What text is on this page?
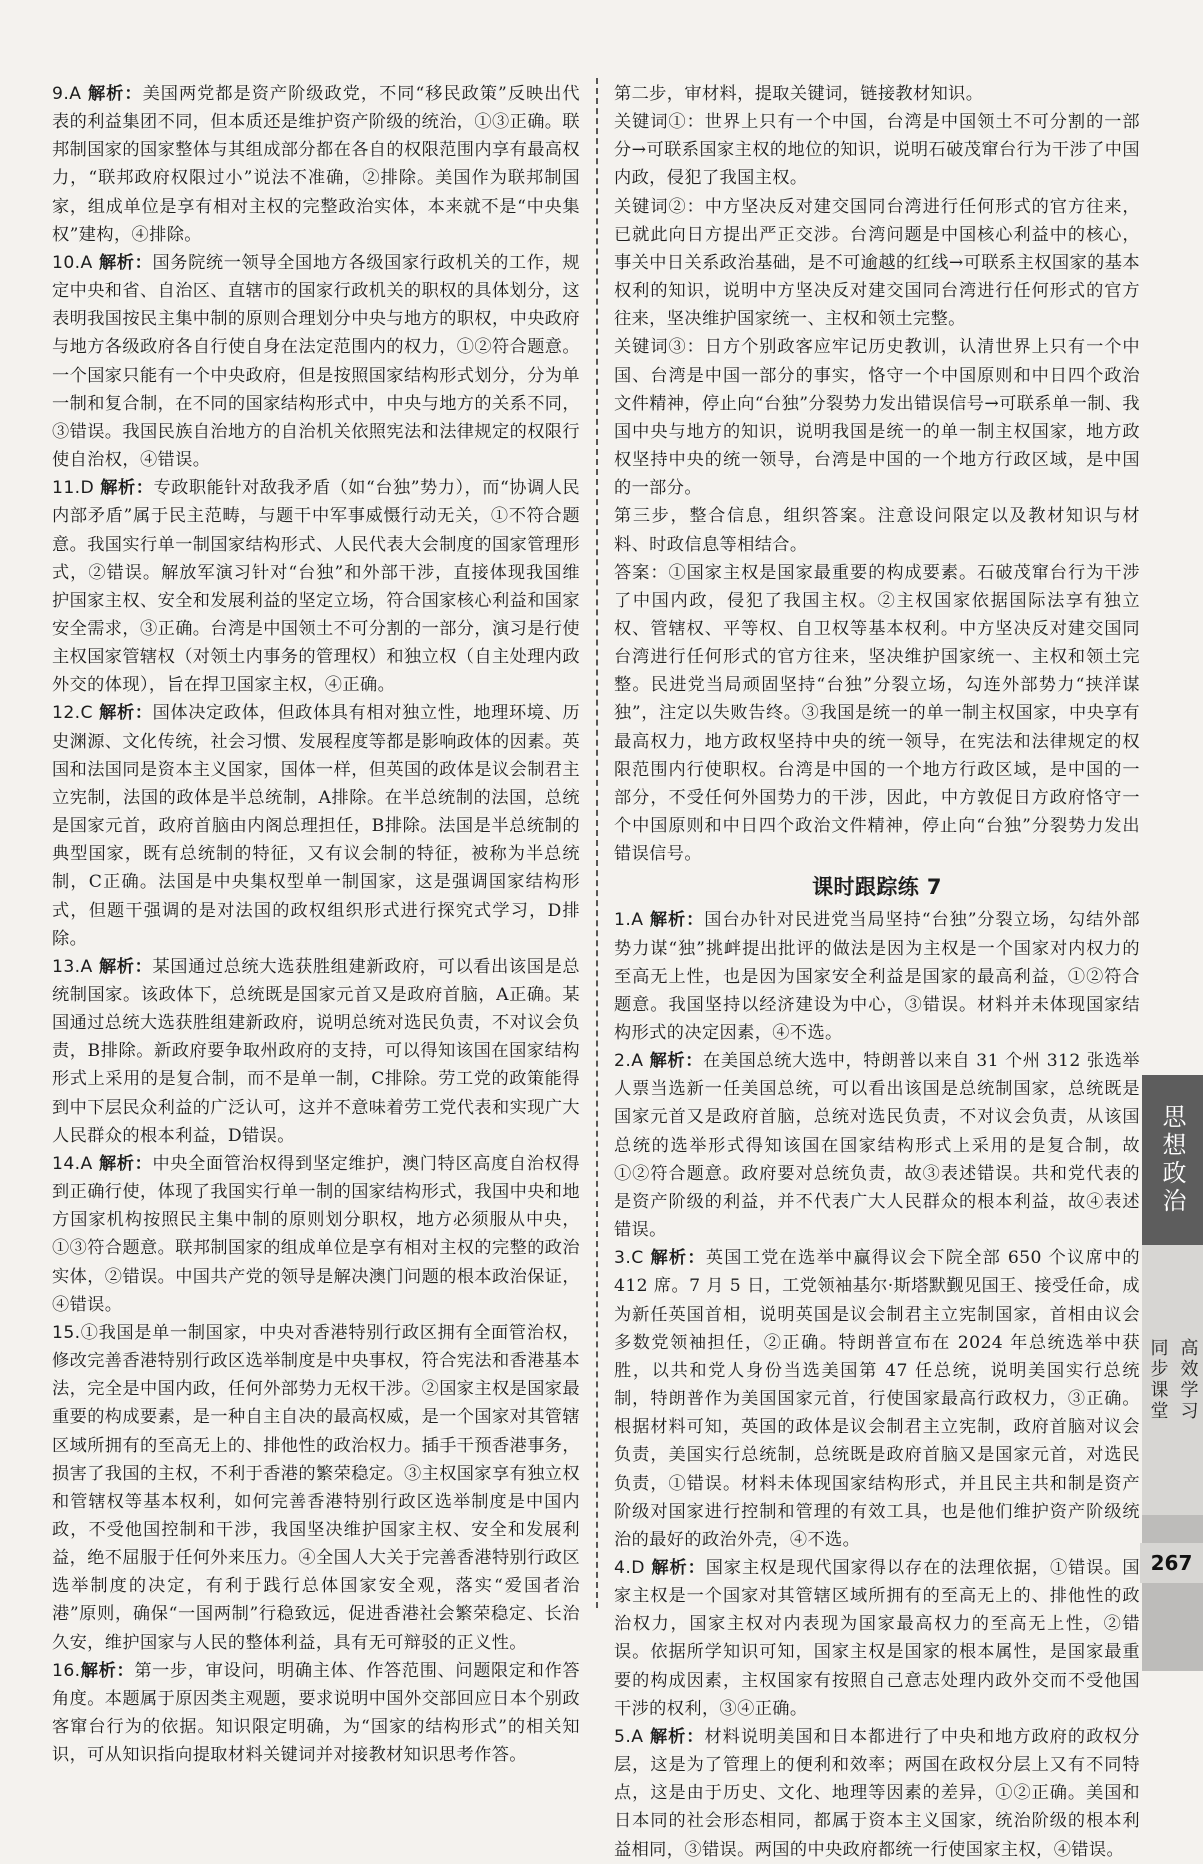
9.A 解析：美国两党都是资产阶级政党，不同“移民政策”反映出代表的利益集团不同，但本质还是维护资产阶级的统治，①③正确。联邦制国家的国家整体与其组成部分都在各自的权限范围内享有最高权力，“联邦政府权限过小”说法不准确，②排除。美国作为联邦制国家，组成单位是享有相对主权的完整政治实体，本来就不是“中央集权”建构，④排除。

10.A 解析：国务院统一领导全国地方各级国家行政机关的工作，规定中央和省、自治区、直辖市的国家行政机关的职权的具体划分，这表明我国按民主集中制的原则合理划分中央与地方的职权，中央政府与地方各级政府各自行使自身在法定范围内的权力，①②符合题意。一个国家只能有一个中央政府，但是按照国家结构形式划分，分为单一制和复合制，在不同的国家结构形式中，中央与地方的关系不同，③错误。我国民族自治地方的自治机关依照宪法和法律规定的权限行使自治权，④错误。

11.D 解析：专政职能针对敌我矛盾（如“台独”势力），而“协调人民内部矛盾”属于民主范畴，与题干中军事威慑行动无关，①不符合题意。我国实行单一制国家结构形式、人民代表大会制度的国家管理形式，②错误。解放军演习针对“台独”和外部干涉，直接体现我国维护国家主权、安全和发展利益的坚定立场，符合国家核心利益和国家安全需求，③正确。台湾是中国领土不可分割的一部分，演习是行使主权国家管辖权（对领土内事务的管理权）和独立权（自主处理内政外交的体现），旨在捍卫国家主权，④正确。

12.C 解析：国体决定政体，但政体具有相对独立性，地理环境、历史渊源、文化传统，社会习惯、发展程度等都是影响政体的因素。英国和法国同是资本主义国家，国体一样，但英国的政体是议会制君主立宪制，法国的政体是半总统制，A排除。在半总统制的法国，总统是国家元首，政府首脑由内阁总理担任，B排除。法国是半总统制的典型国家，既有总统制的特征，又有议会制的特征，被称为半总统制，C正确。法国是中央集权型单一制国家，这是强调国家结构形式，但题干强调的是对法国的政权组织形式进行探究式学习，D排除。

13.A 解析：某国通过总统大选获胜组建新政府，可以看出该国是总统制国家。该政体下，总统既是国家元首又是政府首脑，A正确。某国通过总统大选获胜组建新政府，说明总统对选民负责，不对议会负责，B排除。新政府要争取州政府的支持，可以得知该国在国家结构形式上采用的是复合制，而不是单一制，C排除。劳工党的政策能得到中下层民众利益的广泛认可，这并不意味着劳工党代表和实现广大人民群众的根本利益，D错误。

14.A 解析：中央全面管治权得到坚定维护，澳门特区高度自治权得到正确行使，体现了我国实行单一制的国家结构形式，我国中央和地方国家机构按照民主集中制的原则划分职权，地方必须服从中央，①③符合题意。联邦制国家的组成单位是享有相对主权的完整的政治实体，②错误。中国共产党的领导是解决澳门问题的根本政治保证，④错误。

15.①我国是单一制国家，中央对香港特别行政区拥有全面管治权，修改完善香港特别行政区选举制度是中央事权，符合宪法和香港基本法，完全是中国内政，任何外部势力无权干涉。②国家主权是国家最重要的构成要素，是一种自主自决的最高权威，是一个国家对其管辖区域所拥有的至高无上的、排他性的政治权力。插手干预香港事务，损害了我国的主权，不利于香港的繁荣稳定。③主权国家享有独立权和管辖权等基本权利，如何完善香港特别行政区选举制度是中国内政，不受他国控制和干涉，我国坚决维护国家主权、安全和发展利益，绝不屈服于任何外来压力。④全国人大关于完善香港特别行政区选举制度的决定，有利于践行总体国家安全观，落实“爱国者治港”原则，确保“一国两制”行稳致远，促进香港社会繁荣稳定、长治久安，维护国家与人民的整体利益，具有无可辩驳的正义性。

16.解析：第一步，审设问，明确主体、作答范围、问题限定和作答角度。本题属于原因类主观题，要求说明中国外交部回应日本个别政客窜台行为的依据。知识限定明确，为“国家的结构形式”的相关知识，可从知识指向提取材料关键词并对接教材知识思考作答。

第二步，审材料，提取关键词，链接教材知识。

关键词①：世界上只有一个中国，台湾是中国领土不可分割的一部分→可联系国家主权的地位的知识，说明石破茂窜台行为干涉了中国内政，侵犯了我国主权。

关键词②：中方坚决反对建交国同台湾进行任何形式的官方往来，已就此向日方提出严正交涉。台湾问题是中国核心利益中的核心，事关中日关系政治基础，是不可逾越的红线→可联系主权国家的基本权利的知识，说明中方坚决反对建交国同台湾进行任何形式的官方往来，坚决维护国家统一、主权和领土完整。

关键词③：日方个别政客应牢记历史教训，认清世界上只有一个中国、台湾是中国一部分的事实，恪守一个中国原则和中日四个政治文件精神，停止向“台独”分裂势力发出错误信号→可联系单一制、我国中央与地方的知识，说明我国是统一的单一制主权国家，地方政权坚持中央的统一领导，台湾是中国的一个地方行政区域，是中国的一部分。

第三步，整合信息，组织答案。注意设问限定以及教材知识与材料、时政信息等相结合。

答案：①国家主权是国家最重要的构成要素。石破茂窜台行为干涉了中国内政，侵犯了我国主权。②主权国家依据国际法享有独立权、管辖权、平等权、自卫权等基本权利。中方坚决反对建交国同台湾进行任何形式的官方往来，坚决维护国家统一、主权和领土完整。民进党当局顽固坚持“台独”分裂立场，勾连外部势力“挟洋谋独”，注定以失败告终。③我国是统一的单一制主权国家，中央享有最高权力，地方政权坚持中央的统一领导，在宪法和法律规定的权限范围内行使职权。台湾是中国的一个地方行政区域，是中国的一部分，不受任何外国势力的干涉，因此，中方敦促日方政府恪守一个中国原则和中日四个政治文件精神，停止向“台独”分裂势力发出错误信号。

课时跟踪练 7

1.A 解析：国台办针对民进党当局坚持“台独”分裂立场，勾结外部势力谋“独”挑衅提出批评的做法是因为主权是一个国家对内权力的至高无上性，也是因为国家安全利益是国家的最高利益，①②符合题意。我国坚持以经济建设为中心，③错误。材料并未体现国家结构形式的决定因素，④不选。

2.A 解析：在美国总统大选中，特朗普以来自 31 个州 312 张选举人票当选新一任美国总统，可以看出该国是总统制国家，总统既是国家元首又是政府首脑，总统对选民负责，不对议会负责，从该国总统的选举形式得知该国在国家结构形式上采用的是复合制，故①②符合题意。政府要对总统负责，故③表述错误。共和党代表的是资产阶级的利益，并不代表广大人民群众的根本利益，故④表述错误。

3.C 解析：英国工党在选举中赢得议会下院全部 650 个议席中的 412 席。7 月 5 日，工党领袖基尔·斯塔默觐见国王、接受任命，成为新任英国首相，说明英国是议会制君主立宪制国家，首相由议会多数党领袖担任，②正确。特朗普宣布在 2024 年总统选举中获胜，以共和党人身份当选美国第 47 任总统，说明美国实行总统制，特朗普作为美国国家元首，行使国家最高行政权力，③正确。根据材料可知，英国的政体是议会制君主立宪制，政府首脑对议会负责，美国实行总统制，总统既是政府首脑又是国家元首，对选民负责，①错误。材料未体现国家结构形式，并且民主共和制是资产阶级对国家进行控制和管理的有效工具，也是他们维护资产阶级统治的最好的政治外壳，④不选。

4.D 解析：国家主权是现代国家得以存在的法理依据，①错误。国家主权是一个国家对其管辖区域所拥有的至高无上的、排他性的政治权力，国家主权对内表现为国家最高权力的至高无上性，②错误。依据所学知识可知，国家主权是国家的根本属性，是国家最重要的构成因素，主权国家有按照自己意志处理内政外交而不受他国干涉的权利，③④正确。

5.A 解析：材料说明美国和日本都进行了中央和地方政府的政权分层，这是为了管理上的便利和效率；两国在政权分层上又有不同特点，这是由于历史、文化、地理等因素的差异，①②正确。美国和日本同的社会形态相同，都属于资本主义国家，统治阶级的根本利益相同，③错误。两国的中央政府都统一行使国家主权，④错误。

思想政治
同步课堂 高效学习
267
